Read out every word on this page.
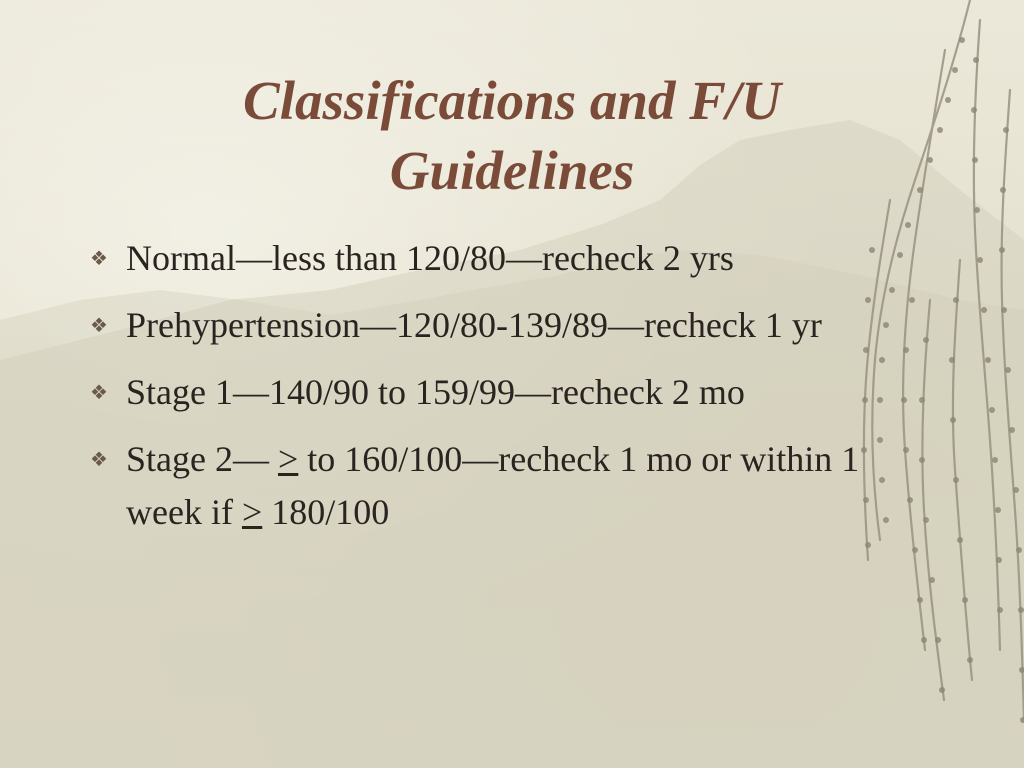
Classifications and F/U
Guidelines
❖ Normal—less than 120/80—recheck 2 yrs
❖ Prehypertension—120/80-139/89—recheck 1 yr
❖ Stage 1—140/90 to 159/99—recheck 2 mo
❖ Stage 2— > to 160/100—recheck 1 mo or within 1 week if > 180/100
